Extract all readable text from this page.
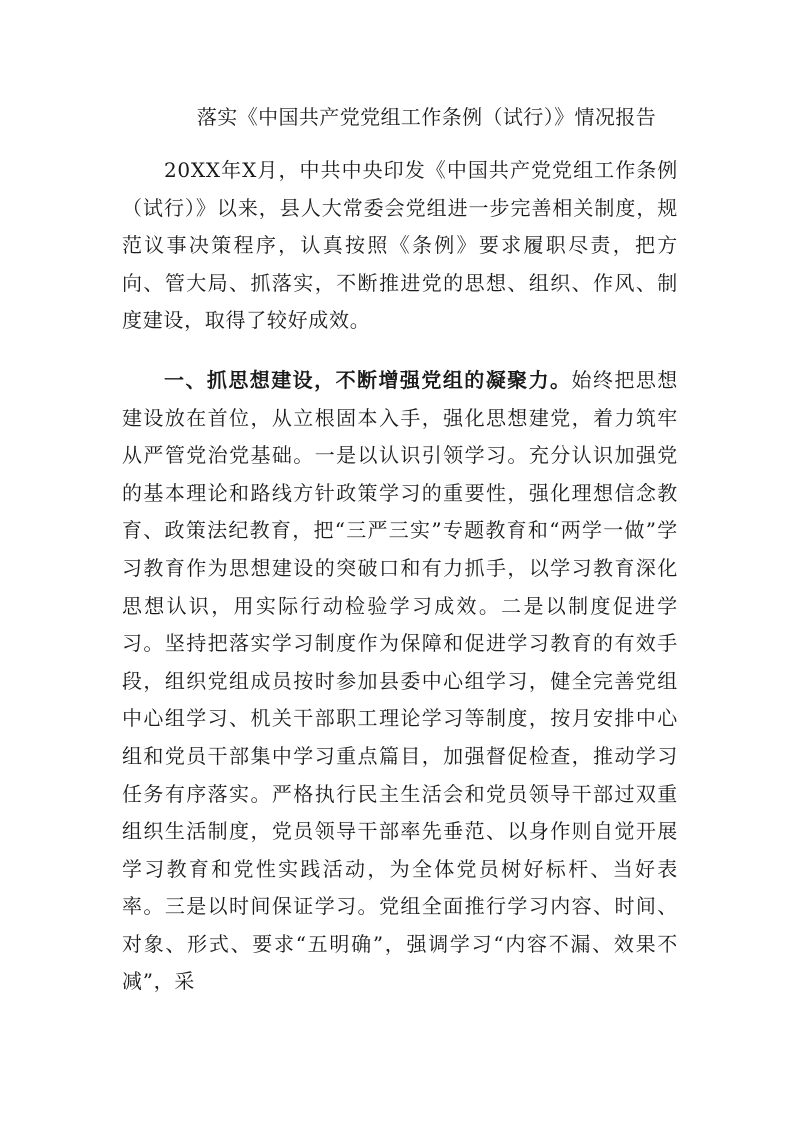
落实《中国共产党党组工作条例（试行）》情况报告

20XX年X月，中共中央印发《中国共产党党组工作条例（试行）》以来，县人大常委会党组进一步完善相关制度，规范议事决策程序，认真按照《条例》要求履职尽责，把方向、管大局、抓落实，不断推进党的思想、组织、作风、制度建设，取得了较好成效。

一、抓思想建设，不断增强党组的凝聚力。始终把思想建设放在首位，从立根固本入手，强化思想建党，着力筑牢从严管党治党基础。一是以认识引领学习。充分认识加强党的基本理论和路线方针政策学习的重要性，强化理想信念教育、政策法纪教育，把“三严三实”专题教育和“两学一做”学习教育作为思想建设的突破口和有力抓手，以学习教育深化思想认识，用实际行动检验学习成效。二是以制度促进学习。坚持把落实学习制度作为保障和促进学习教育的有效手段，组织党组成员按时参加县委中心组学习，健全完善党组中心组学习、机关干部职工理论学习等制度，按月安排中心组和党员干部集中学习重点篇目，加强督促检查，推动学习任务有序落实。严格执行民主生活会和党员领导干部过双重组织生活制度，党员领导干部率先垂范、以身作则自觉开展学习教育和党性实践活动，为全体党员树好标杆、当好表率。三是以时间保证学习。党组全面推行学习内容、时间、对象、形式、要求“五明确”，强调学习“内容不漏、效果不减”，采
